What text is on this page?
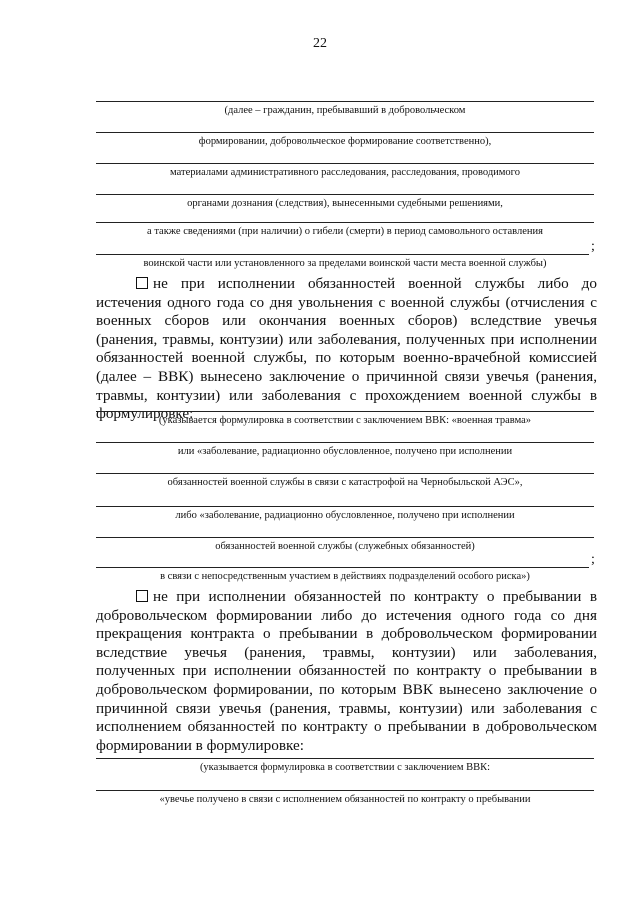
22
(далее – гражданин, пребывавший в добровольческом
формировании, добровольческое формирование соответственно),
материалами административного расследования, расследования, проводимого
органами дознания (следствия), вынесенными судебными решениями,
а также сведениями (при наличии) о гибели (смерти) в период самовольного оставления
;
воинской части или установленного за пределами воинской части места военной службы)
не при исполнении обязанностей военной службы либо до истечения одного года со дня увольнения с военной службы (отчисления с военных сборов или окончания военных сборов) вследствие увечья (ранения, травмы, контузии) или заболевания, полученных при исполнении обязанностей военной службы, по которым военно-врачебной комиссией (далее – ВВК) вынесено заключение о причинной связи увечья (ранения, травмы, контузии) или заболевания с прохождением военной службы в формулировке:
(указывается формулировка в соответствии с заключением ВВК: «военная травма»
или «заболевание, радиационно обусловленное, получено при исполнении
обязанностей военной службы в связи с катастрофой на Чернобыльской АЭС»,
либо «заболевание, радиационно обусловленное, получено при исполнении
обязанностей военной службы (служебных обязанностей)
;
в связи с непосредственным участием в действиях подразделений особого риска»)
не при исполнении обязанностей по контракту о пребывании в добровольческом формировании либо до истечения одного года со дня прекращения контракта о пребывании в добровольческом формировании вследствие увечья (ранения, травмы, контузии) или заболевания, полученных при исполнении обязанностей по контракту о пребывании в добровольческом формировании, по которым ВВК вынесено заключение о причинной связи увечья (ранения, травмы, контузии) или заболевания с исполнением обязанностей по контракту о пребывании в добровольческом формировании в формулировке:
(указывается формулировка в соответствии с заключением ВВК:
«увечье получено в связи с исполнением обязанностей по контракту о пребывании
